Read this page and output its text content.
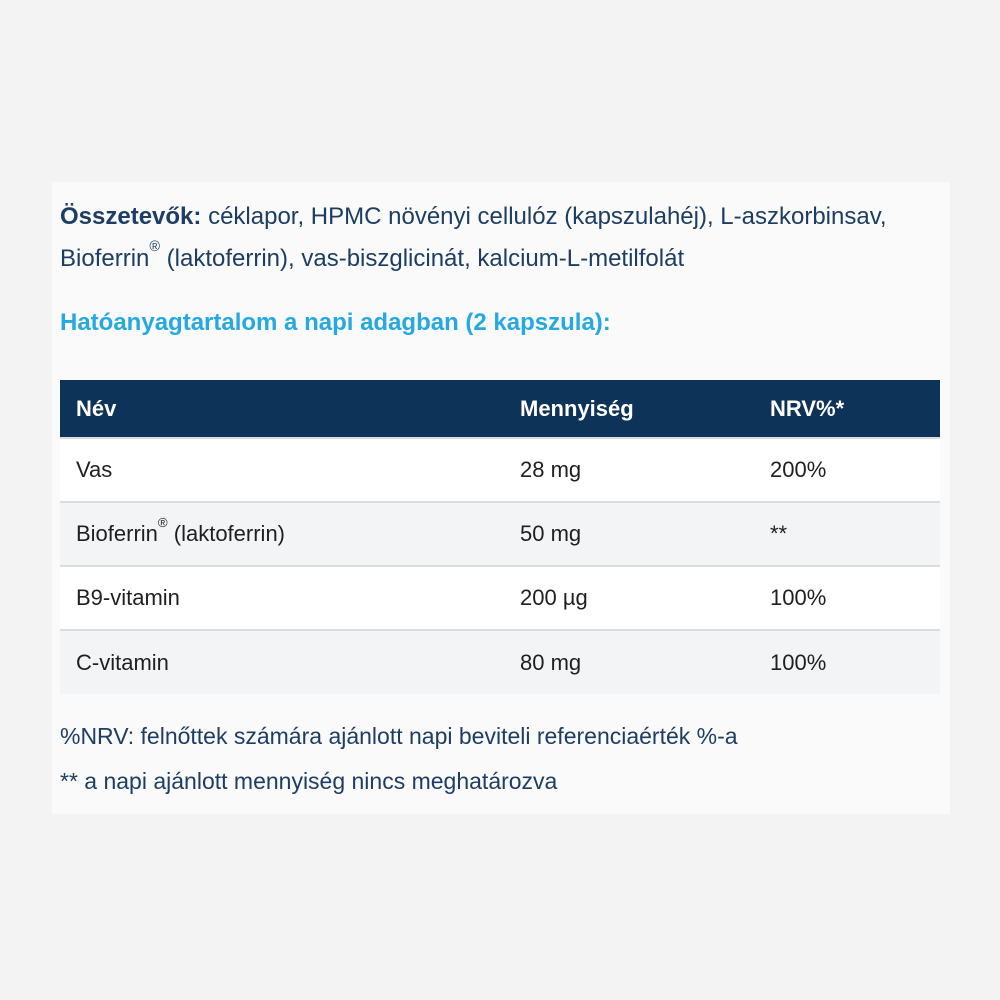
Összetevők: céklapor, HPMC növényi cellulóz (kapszulahéj), L-aszkorbinsav, Bioferrin® (laktoferrin), vas-biszglicinát, kalcium-L-metilfolát

Hatóanyagtartalom a napi adagban (2 kapszula):
Név	Mennyiség	NRV%*
Vas	28 mg	200%
Bioferrin® (laktoferrin)	50 mg	**
B9-vitamin	200 µg	100%
C-vitamin	80 mg	100%

%NRV: felnőttek számára ajánlott napi beviteli referenciaérték %-a
** a napi ajánlott mennyiség nincs meghatározva
